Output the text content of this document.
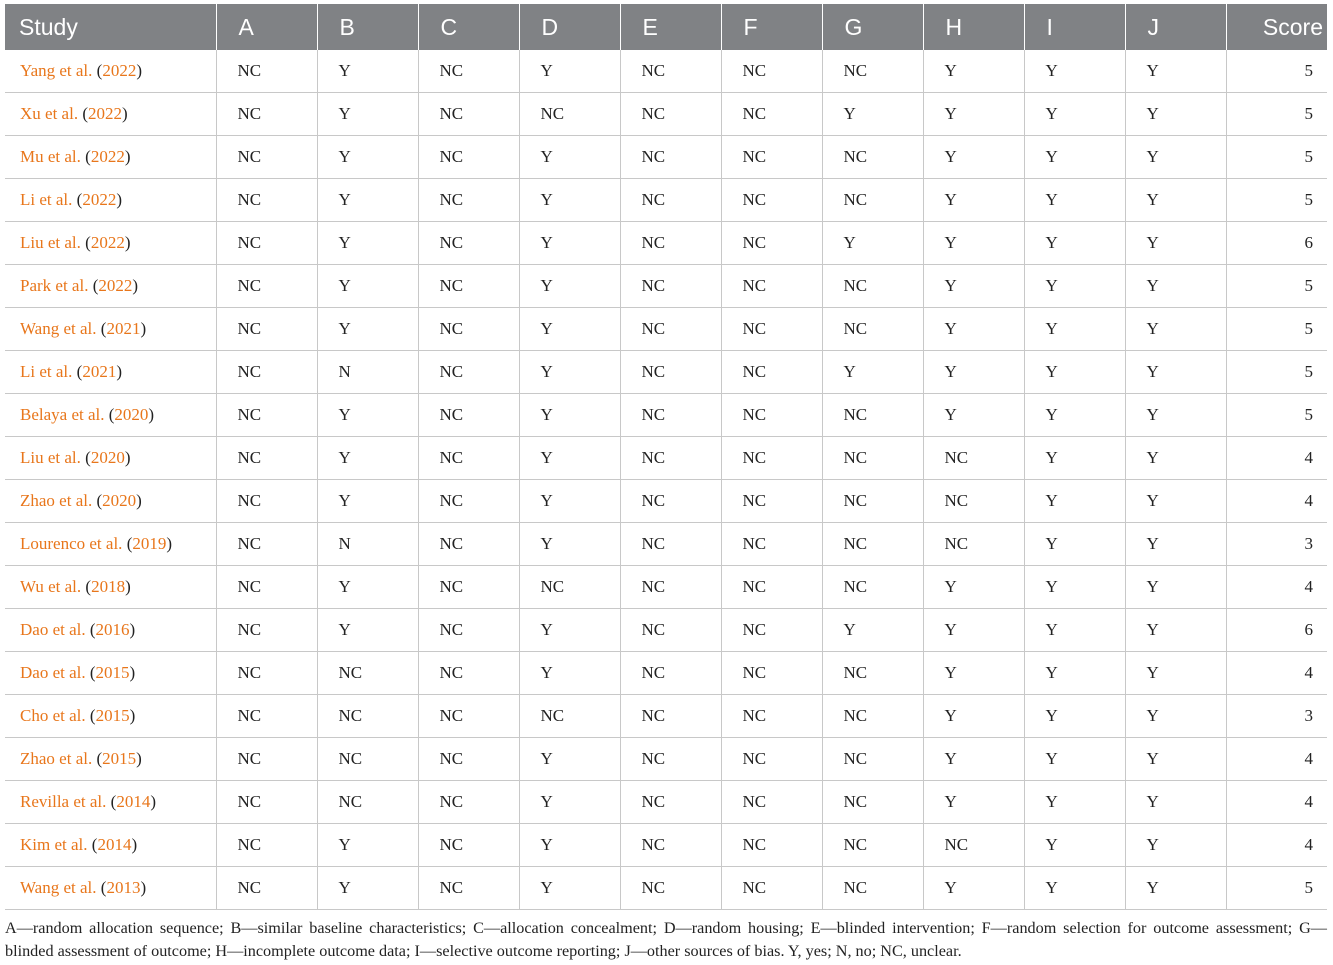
Study	A	B	C	D	E	F	G	H	I	J	Score
Yang et al. (2022)	NC	Y	NC	Y	NC	NC	NC	Y	Y	Y	5
Xu et al. (2022)	NC	Y	NC	NC	NC	NC	Y	Y	Y	Y	5
Mu et al. (2022)	NC	Y	NC	Y	NC	NC	NC	Y	Y	Y	5
Li et al. (2022)	NC	Y	NC	Y	NC	NC	NC	Y	Y	Y	5
Liu et al. (2022)	NC	Y	NC	Y	NC	NC	Y	Y	Y	Y	6
Park et al. (2022)	NC	Y	NC	Y	NC	NC	NC	Y	Y	Y	5
Wang et al. (2021)	NC	Y	NC	Y	NC	NC	NC	Y	Y	Y	5
Li et al. (2021)	NC	N	NC	Y	NC	NC	Y	Y	Y	Y	5
Belaya et al. (2020)	NC	Y	NC	Y	NC	NC	NC	Y	Y	Y	5
Liu et al. (2020)	NC	Y	NC	Y	NC	NC	NC	NC	Y	Y	4
Zhao et al. (2020)	NC	Y	NC	Y	NC	NC	NC	NC	Y	Y	4
Lourenco et al. (2019)	NC	N	NC	Y	NC	NC	NC	NC	Y	Y	3
Wu et al. (2018)	NC	Y	NC	NC	NC	NC	NC	Y	Y	Y	4
Dao et al. (2016)	NC	Y	NC	Y	NC	NC	Y	Y	Y	Y	6
Dao et al. (2015)	NC	NC	NC	Y	NC	NC	NC	Y	Y	Y	4
Cho et al. (2015)	NC	NC	NC	NC	NC	NC	NC	Y	Y	Y	3
Zhao et al. (2015)	NC	NC	NC	Y	NC	NC	NC	Y	Y	Y	4
Revilla et al. (2014)	NC	NC	NC	Y	NC	NC	NC	Y	Y	Y	4
Kim et al. (2014)	NC	Y	NC	Y	NC	NC	NC	NC	Y	Y	4
Wang et al. (2013)	NC	Y	NC	Y	NC	NC	NC	Y	Y	Y	5
A—random allocation sequence; B—similar baseline characteristics; C—allocation concealment; D—random housing; E—blinded intervention; F—random selection for outcome assessment; G—blinded assessment of outcome; H—incomplete outcome data; I—selective outcome reporting; J—other sources of bias. Y, yes; N, no; NC, unclear.
